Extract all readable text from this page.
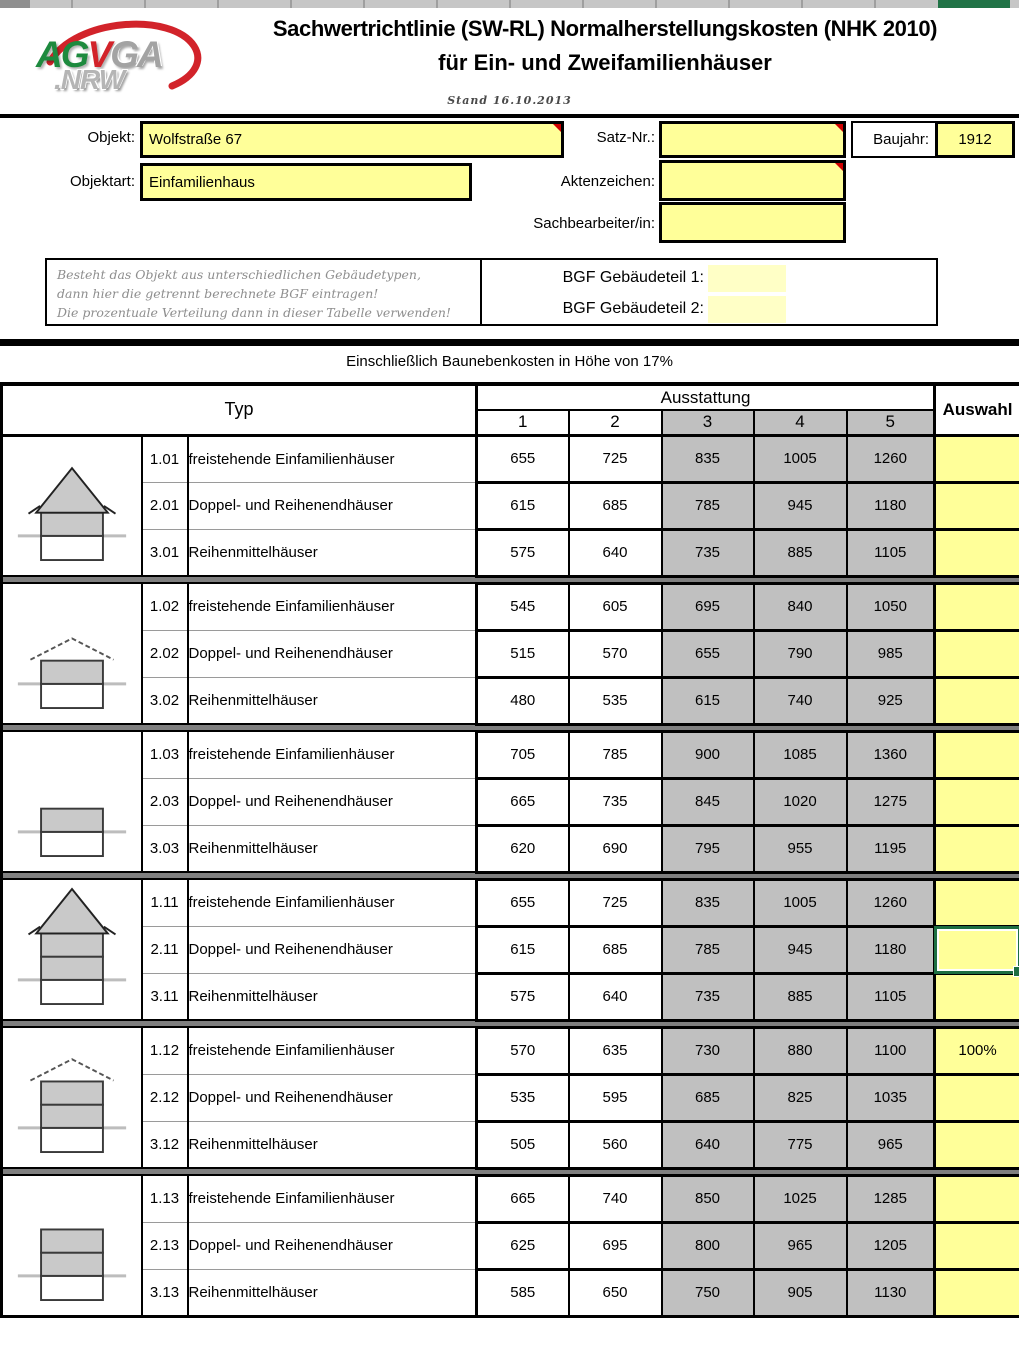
AGVGA
.NRW
Sachwertrichtlinie (SW-RL) Normalherstellungskosten (NHK 2010)
für Ein- und Zweifamilienhäuser
Stand 16.10.2013
Objekt: Wolfstraße 67	Satz-Nr.:	Baujahr:	1912
Objektart: Einfamilienhaus	Aktenzeichen:
Sachbearbeiter/in:
Besteht das Objekt aus unterschiedlichen Gebäudetypen,
dann hier die getrennt berechnete BGF eintragen!
Die prozentuale Verteilung dann in dieser Tabelle verwenden!
BGF Gebäudeteil 1:
BGF Gebäudeteil 2:
Einschließlich Baunebenkosten in Höhe von 17%
Typ			Ausstattung					Auswahl
			1	2	3	4	5	
	1.01	freistehende Einfamilienhäuser	655	725	835	1005	1260	
	2.01	Doppel- und Reihenendhäuser	615	685	785	945	1180	
	3.01	Reihenmittelhäuser	575	640	735	885	1105	

	1.02	freistehende Einfamilienhäuser	545	605	695	840	1050	
	2.02	Doppel- und Reihenendhäuser	515	570	655	790	985	
	3.02	Reihenmittelhäuser	480	535	615	740	925	

	1.03	freistehende Einfamilienhäuser	705	785	900	1085	1360	
	2.03	Doppel- und Reihenendhäuser	665	735	845	1020	1275	
	3.03	Reihenmittelhäuser	620	690	795	955	1195	

	1.11	freistehende Einfamilienhäuser	655	725	835	1005	1260	
	2.11	Doppel- und Reihenendhäuser	615	685	785	945	1180	

	3.11	Reihenmittelhäuser	575	640	735	885	1105	

	1.12	freistehende Einfamilienhäuser	570	635	730	880	1100	100%
	2.12	Doppel- und Reihenendhäuser	535	595	685	825	1035	
	3.12	Reihenmittelhäuser	505	560	640	775	965	

	1.13	freistehende Einfamilienhäuser	665	740	850	1025	1285	
	2.13	Doppel- und Reihenendhäuser	625	695	800	965	1205	
	3.13	Reihenmittelhäuser	585	650	750	905	1130	
